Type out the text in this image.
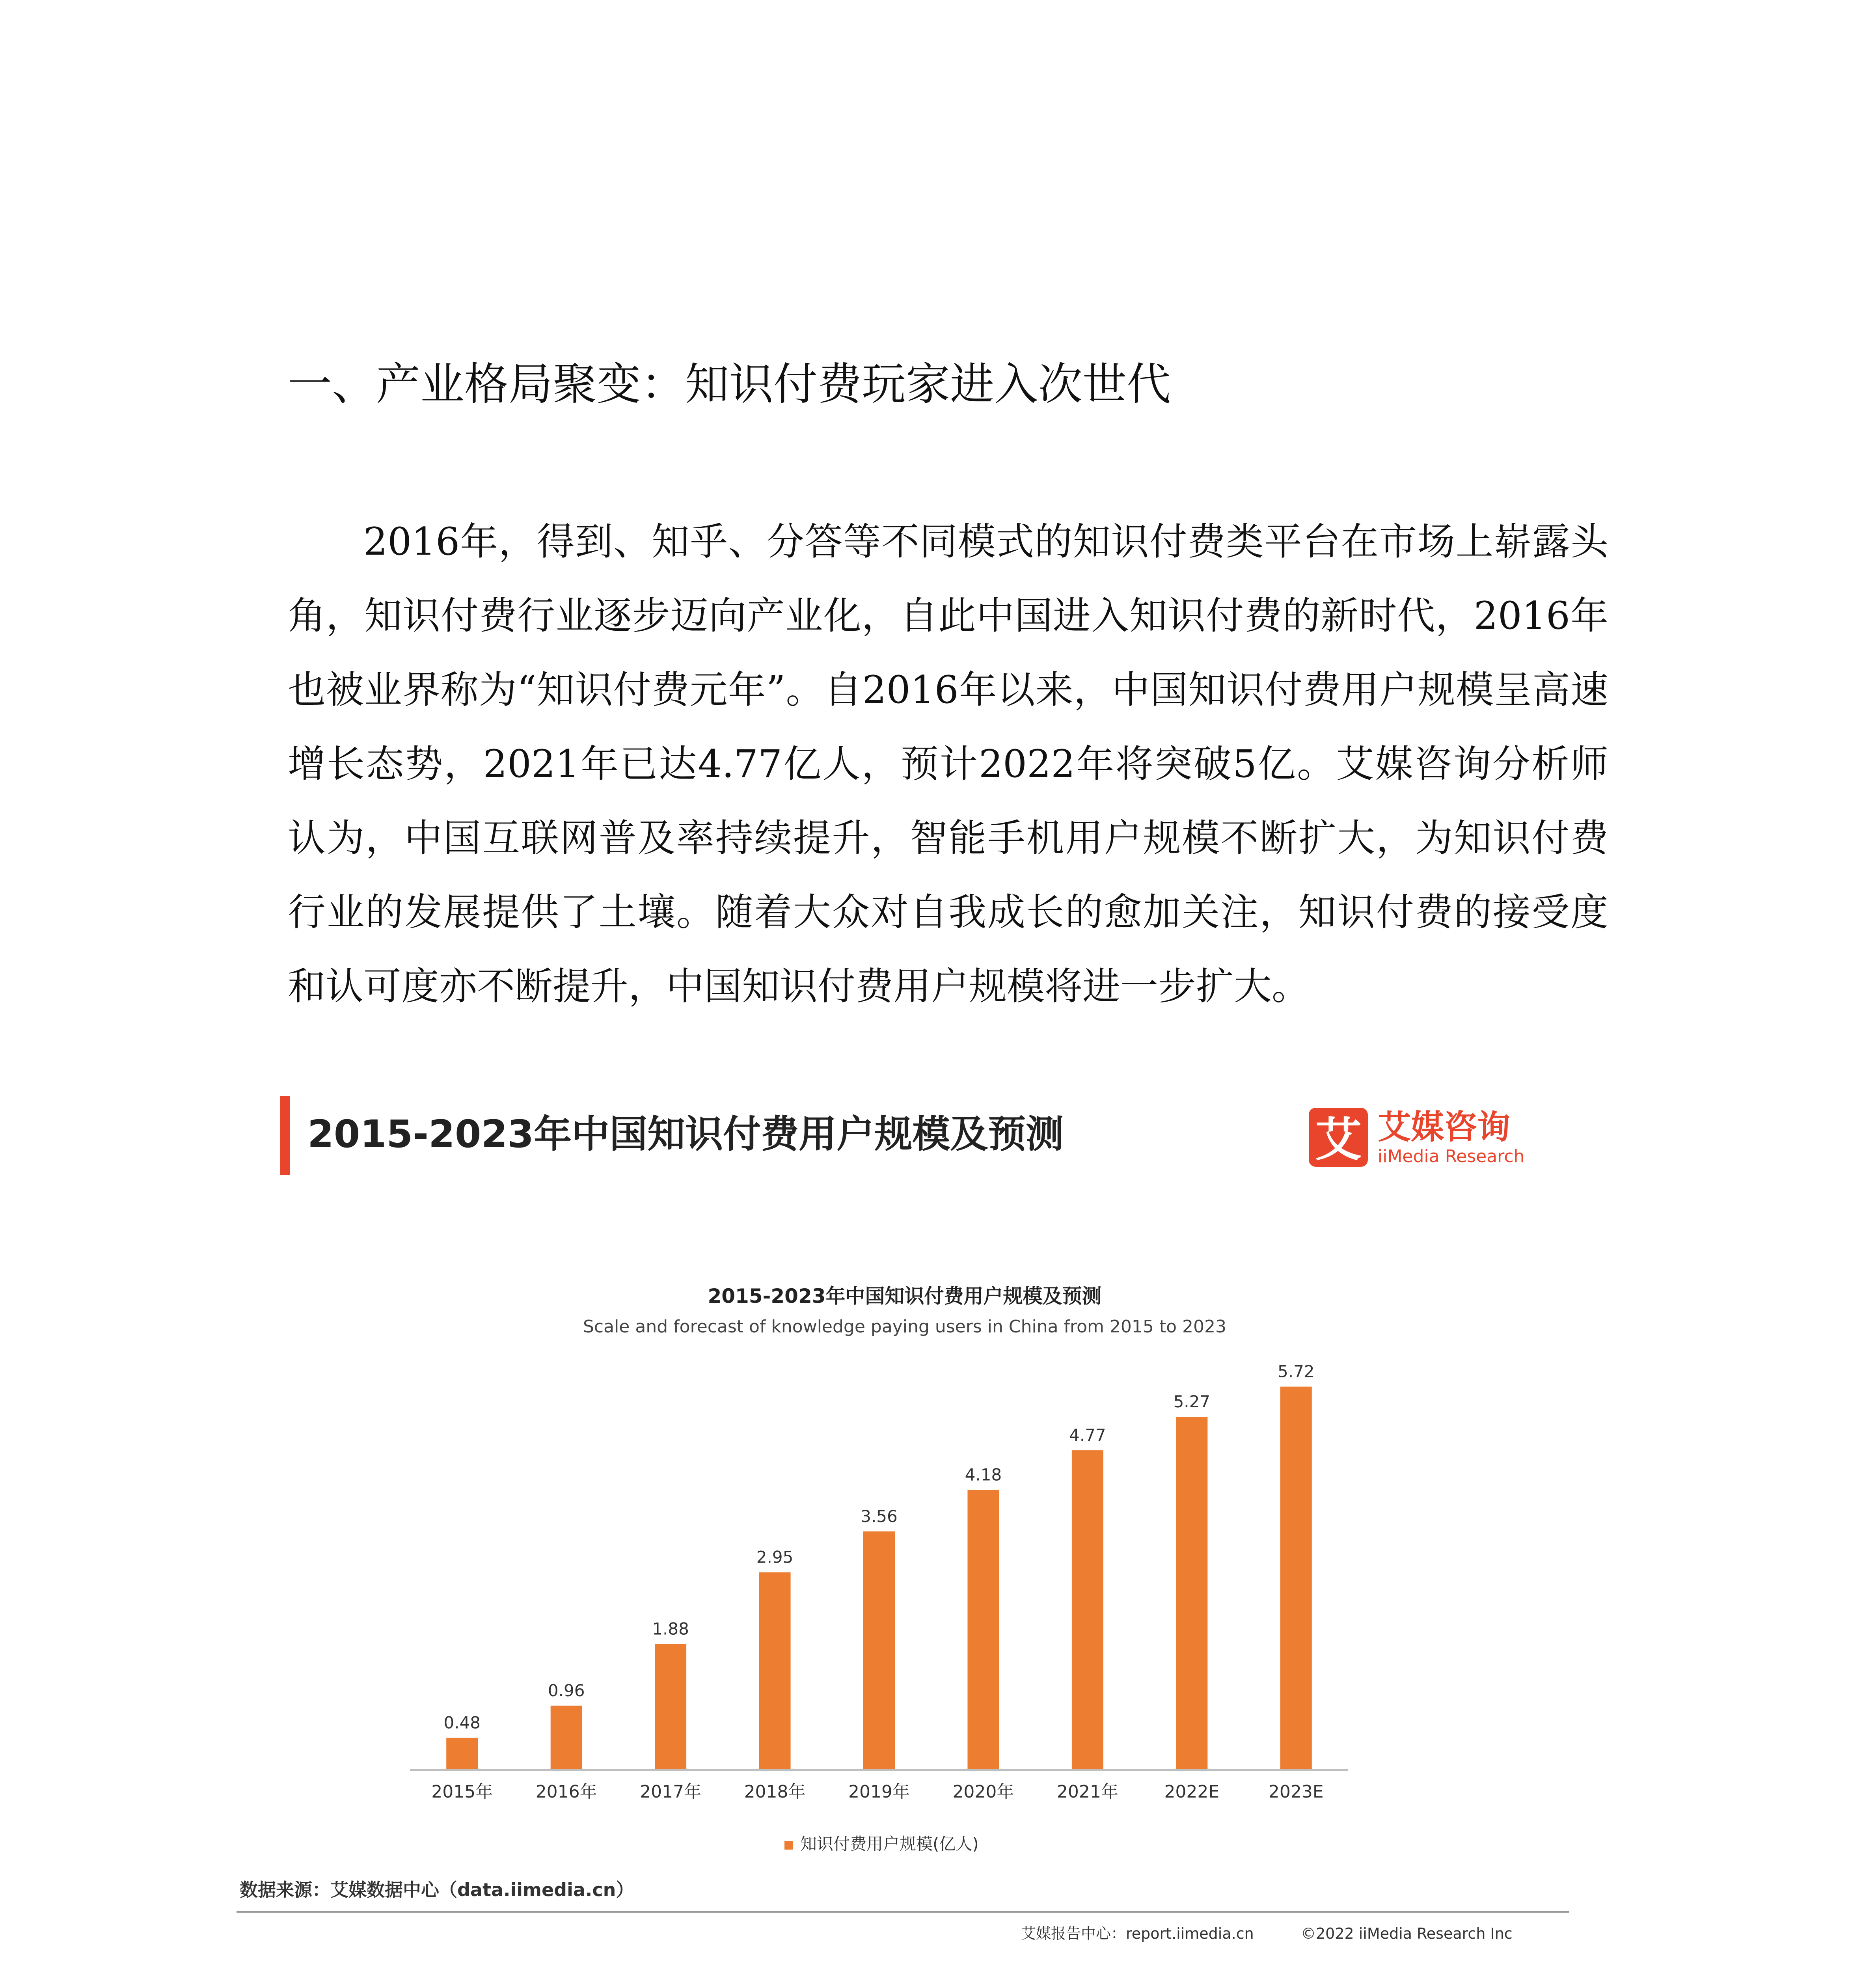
一、产业格局聚变：知识付费玩家进入次世代

2016年，得到、知乎、分答等不同模式的知识付费类平台在市场上崭露头角，知识付费行业逐步迈向产业化，自此中国进入知识付费的新时代，2016年也被业界称为“知识付费元年”。自2016年以来，中国知识付费用户规模呈高速增长态势，2021年已达4.77亿人，预计2022年将突破5亿。艾媒咨询分析师认为，中国互联网普及率持续提升，智能手机用户规模不断扩大，为知识付费行业的发展提供了土壤。随着大众对自我成长的愈加关注，知识付费的接受度和认可度亦不断提升，中国知识付费用户规模将进一步扩大。

2015-2023年中国知识付费用户规模及预测	艾 艾媒咨询
iiMedia Research
2015-2023年中国知识付费用户规模及预测
Scale and forecast of knowledge paying users in China from 2015 to 2023
0.48
2015年
0.96
2016年
1.88
2017年
2.95
2018年
3.56
2019年
4.18
2020年
4.77
2021年
5.27
2022E
5.72
2023E
知识付费用户规模(亿人)
数据来源：艾媒数据中心（data.iimedia.cn）
艾媒报告中心：report.iimedia.cn	©2022 iiMedia Research Inc
